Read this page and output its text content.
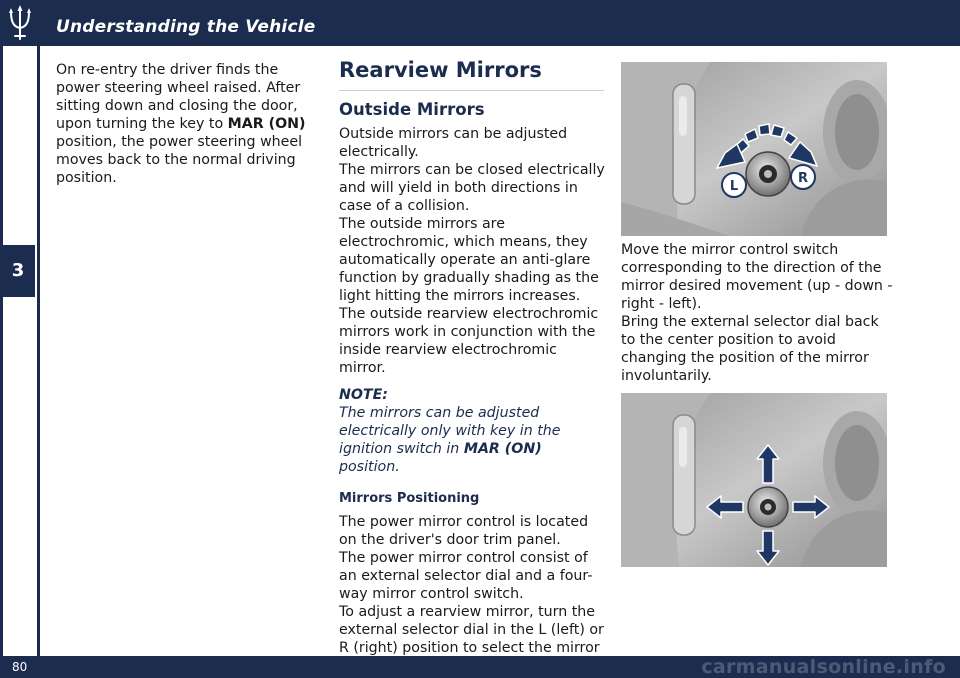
Understanding the Vehicle
3

On re-entry the driver finds the power steering wheel raised. After sitting down and closing the door, upon turning the key to MAR (ON) position, the power steering wheel moves back to the normal driving position.

Rearview Mirrors
Outside Mirrors

Outside mirrors can be adjusted electrically.

The mirrors can be closed electrically and will yield in both directions in case of a collision.

The outside mirrors are electrochromic, which means, they automatically operate an anti-glare function by gradually shading as the light hitting the mirrors increases.

The outside rearview electrochromic mirrors work in conjunction with the inside rearview electrochromic mirror.

NOTE:

The mirrors can be adjusted electrically only with key in the ignition switch in MAR (ON) position.

Mirrors Positioning

The power mirror control is located on the driver's door trim panel.

The power mirror control consist of an external selector dial and a four-way mirror control switch.

To adjust a rearview mirror, turn the external selector dial in the L (left) or R (right) position to select the mirror

L
R

Move the mirror control switch corresponding to the direction of the mirror desired movement (up - down - right - left).

Bring the external selector dial back to the center position to avoid changing the position of the mirror involuntarily.

80	carmanualsonline.info
